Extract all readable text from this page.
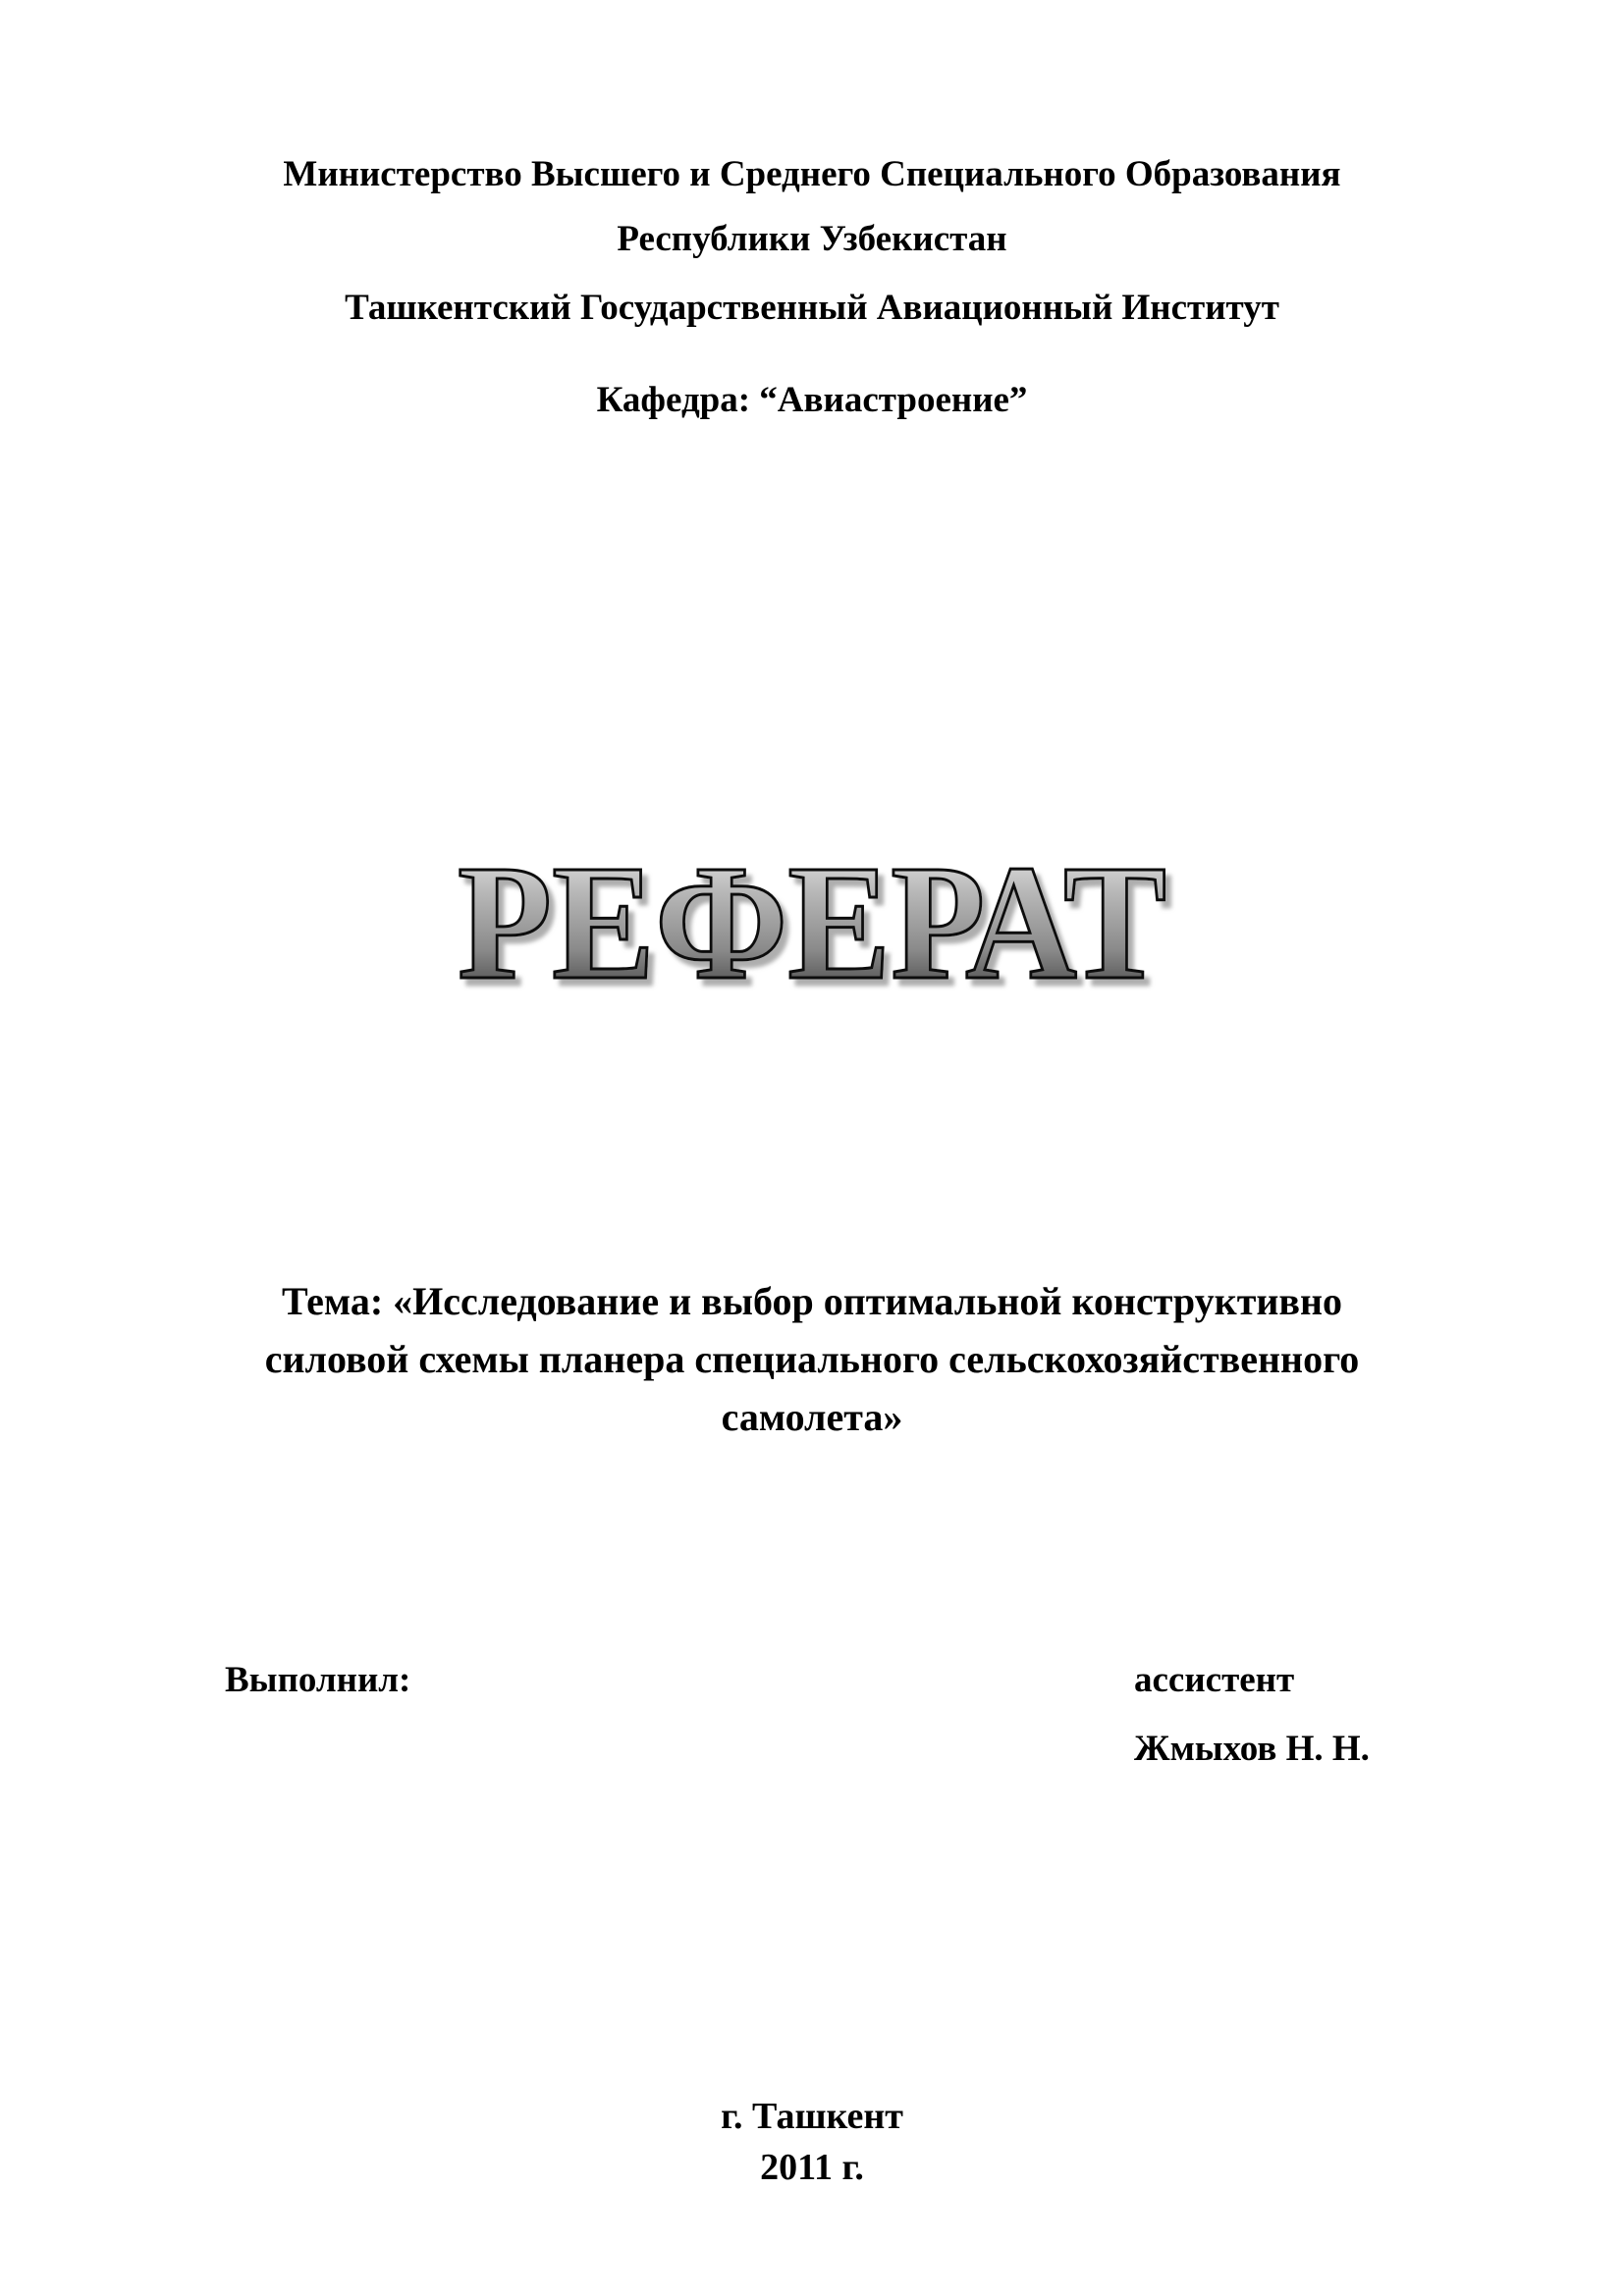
Министерство Высшего и Среднего Специального Образования
Республики Узбекистан
Ташкентский Государственный Авиационный Институт
Кафедра: “Авиастроение”
РЕФЕРАТ
Тема: «Исследование и выбор оптимальной конструктивно
силовой схемы планера специального сельскохозяйственного
самолета»
Выполнил:	ассистент
Жмыхов Н. Н.
г. Ташкент
2011 г.
